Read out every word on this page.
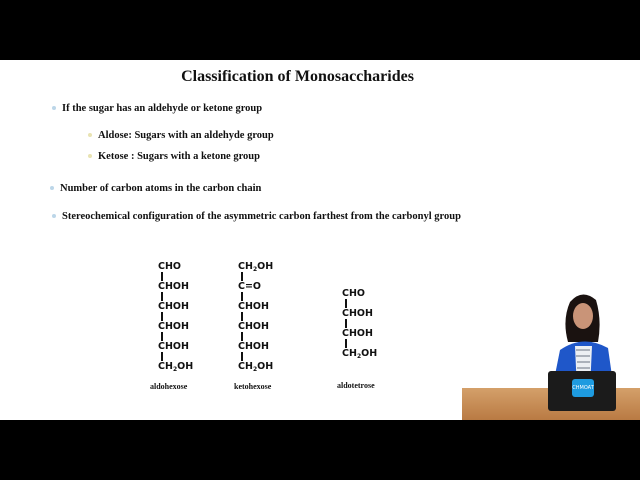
Classification of Monosaccharides
If the sugar has an aldehyde or ketone group
Aldose: Sugars with an aldehyde group
Ketose : Sugars with a ketone group
Number of carbon atoms in the carbon chain
Stereochemical configuration of the asymmetric carbon farthest from the carbonyl group
CHO
CHOH
CHOH
CHOH
CHOH
$CH_2OH$
aldohexose
$CH_2OH$
C=O
CHOH
CHOH
CHOH
$CH_2OH$
ketohexose
CHO
CHOH
CHOH
$CH_2OH$
aldotetrose	CHMOAT
